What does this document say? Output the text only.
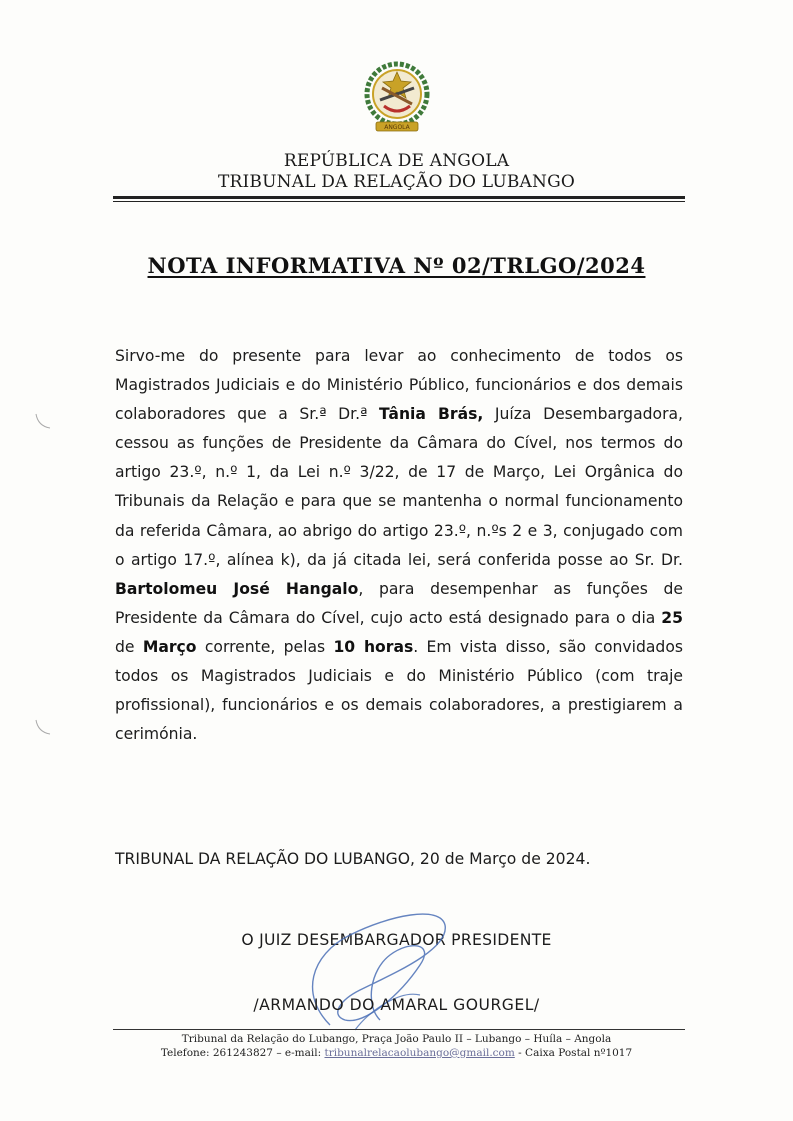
ANGOLA
REPÚBLICA DE ANGOLA
TRIBUNAL DA RELAÇÃO DO LUBANGO
NOTA INFORMATIVA Nº 02/TRLGO/2024
Sirvo-me do presente para levar ao conhecimento de todos os Magistrados Judiciais e do Ministério Público, funcionários e dos demais colaboradores que a Sr.ª Dr.ª Tânia Brás, Juíza Desembargadora, cessou as funções de Presidente da Câmara do Cível, nos termos do artigo 23.º, n.º 1, da Lei n.º 3/22, de 17 de Março, Lei Orgânica do Tribunais da Relação e para que se mantenha o normal funcionamento da referida Câmara, ao abrigo do artigo 23.º, n.ºs 2 e 3, conjugado com o artigo 17.º, alínea k), da já citada lei, será conferida posse ao Sr. Dr. Bartolomeu José Hangalo, para desempenhar as funções de Presidente da Câmara do Cível, cujo acto está designado para o dia 25 de Março corrente, pelas 10 horas. Em vista disso, são convidados todos os Magistrados Judiciais e do Ministério Público (com traje profissional), funcionários e os demais colaboradores, a prestigiarem a cerimónia.
TRIBUNAL DA RELAÇÃO DO LUBANGO, 20 de Março de 2024.
O JUIZ DESEMBARGADOR PRESIDENTE
/ARMANDO DO AMARAL GOURGEL/
Tribunal da Relação do Lubango, Praça João Paulo II – Lubango – Huíla – Angola
Telefone: 261243827 – e-mail: tribunalrelacaolubango@gmail.com - Caixa Postal nº1017
